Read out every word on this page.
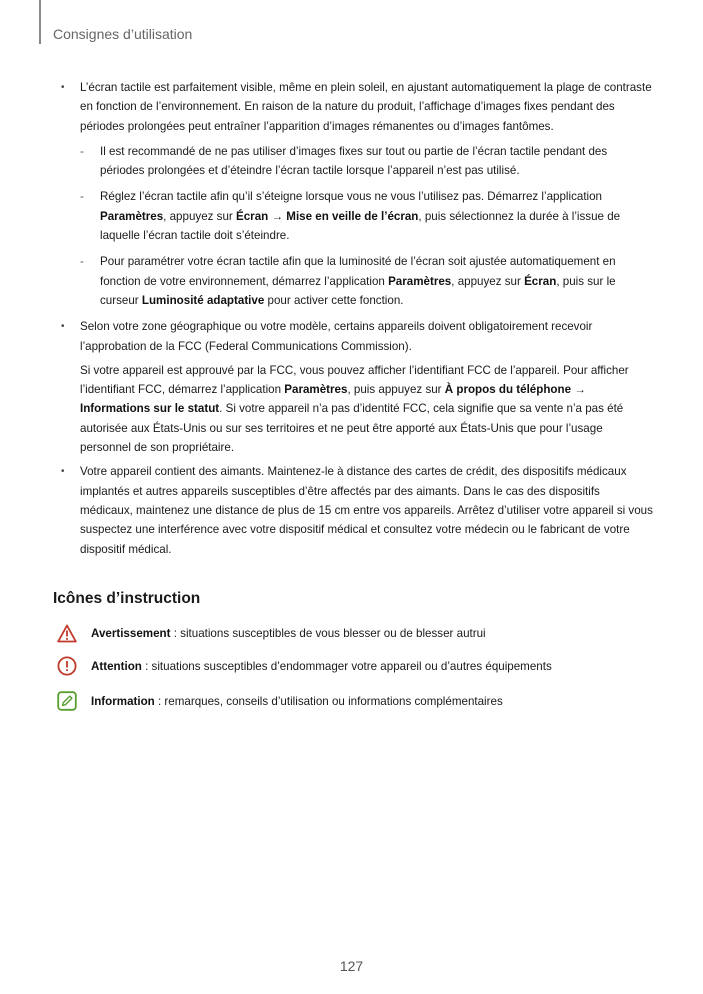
Consignes d’utilisation
• L’écran tactile est parfaitement visible, même en plein soleil, en ajustant automatiquement la plage de contraste en fonction de l’environnement. En raison de la nature du produit, l’affichage d’images fixes pendant des périodes prolongées peut entraîner l’apparition d’images rémanentes ou d’images fantômes.

- Il est recommandé de ne pas utiliser d’images fixes sur tout ou partie de l’écran tactile pendant des périodes prolongées et d’éteindre l’écran tactile lorsque l’appareil n’est pas utilisé.
- Réglez l’écran tactile afin qu’il s’éteigne lorsque vous ne vous l’utilisez pas. Démarrez l’application Paramètres, appuyez sur Écran → Mise en veille de l’écran, puis sélectionnez la durée à l’issue de laquelle l’écran tactile doit s’éteindre.
- Pour paramétrer votre écran tactile afin que la luminosité de l’écran soit ajustée automatiquement en fonction de votre environnement, démarrez l’application Paramètres, appuyez sur Écran, puis sur le curseur Luminosité adaptative pour activer cette fonction.
• Selon votre zone géographique ou votre modèle, certains appareils doivent obligatoirement recevoir l’approbation de la FCC (Federal Communications Commission).

Si votre appareil est approuvé par la FCC, vous pouvez afficher l’identifiant FCC de l’appareil. Pour afficher l’identifiant FCC, démarrez l’application Paramètres, puis appuyez sur À propos du téléphone → Informations sur le statut. Si votre appareil n’a pas d’identité FCC, cela signifie que sa vente n’a pas été autorisée aux États-Unis ou sur ses territoires et ne peut être apporté aux États-Unis que pour l’usage personnel de son propriétaire.

• Votre appareil contient des aimants. Maintenez-le à distance des cartes de crédit, des dispositifs médicaux implantés et autres appareils susceptibles d’être affectés par des aimants. Dans le cas des dispositifs médicaux, maintenez une distance de plus de 15 cm entre vos appareils. Arrêtez d’utiliser votre appareil si vous suspectez une interférence avec votre dispositif médical et consultez votre médecin ou le fabricant de votre dispositif médical.

Icônes d’instruction
Avertissement : situations susceptibles de vous blesser ou de blesser autrui
Attention : situations susceptibles d’endommager votre appareil ou d’autres équipements
Information : remarques, conseils d’utilisation ou informations complémentaires
127
